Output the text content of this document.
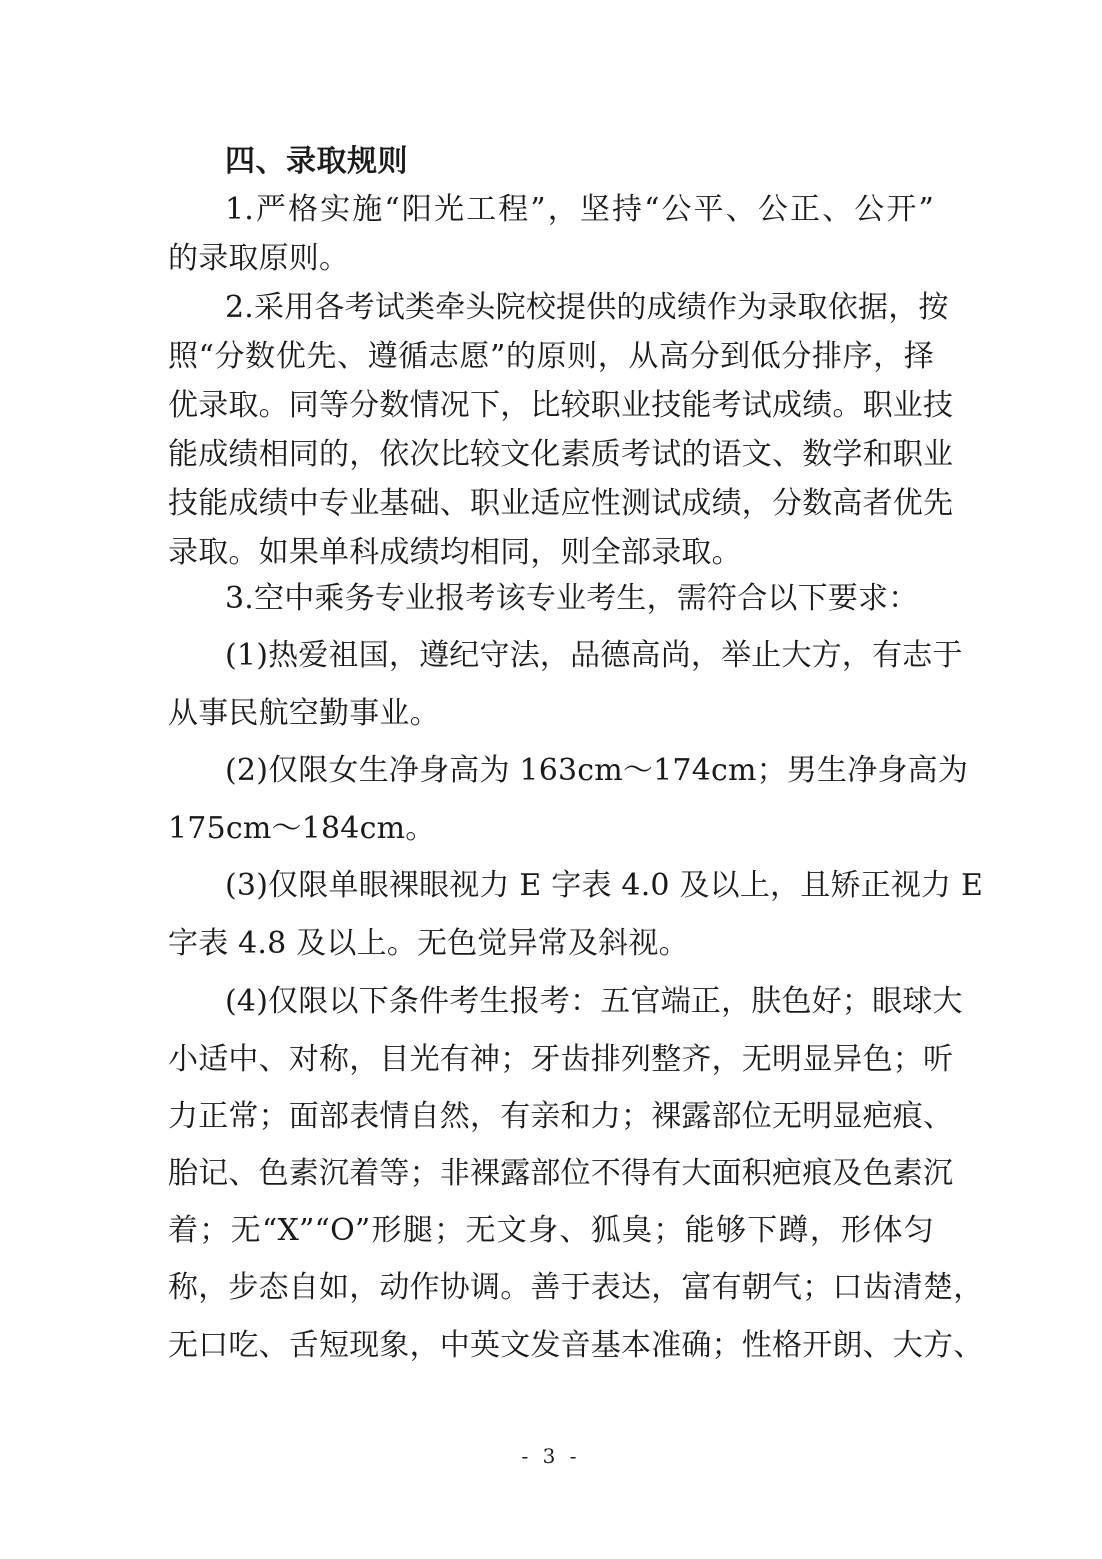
四、录取规则
1.严格实施“阳光工程”，坚持“公平、公正、公开”
的录取原则。
2.采用各考试类牵头院校提供的成绩作为录取依据，按
照“分数优先、遵循志愿”的原则，从高分到低分排序，择
优录取。同等分数情况下，比较职业技能考试成绩。职业技
能成绩相同的，依次比较文化素质考试的语文、数学和职业
技能成绩中专业基础、职业适应性测试成绩，分数高者优先
录取。如果单科成绩均相同，则全部录取。
3.空中乘务专业报考该专业考生，需符合以下要求：
(1)热爱祖国，遵纪守法，品德高尚，举止大方，有志于
从事民航空勤事业。
(2)仅限女生净身高为 163cm～174cm；男生净身高为
175cm～184cm。
(3)仅限单眼裸眼视力 E 字表 4.0 及以上，且矫正视力 E
字表 4.8 及以上。无色觉异常及斜视。
(4)仅限以下条件考生报考：五官端正，肤色好；眼球大
小适中、对称，目光有神；牙齿排列整齐，无明显异色；听
力正常；面部表情自然，有亲和力；裸露部位无明显疤痕、
胎记、色素沉着等；非裸露部位不得有大面积疤痕及色素沉
着；无“X”“O”形腿；无文身、狐臭；能够下蹲，形体匀
称，步态自如，动作协调。善于表达，富有朝气；口齿清楚，
无口吃、舌短现象，中英文发音基本准确；性格开朗、大方、
- 3 -
